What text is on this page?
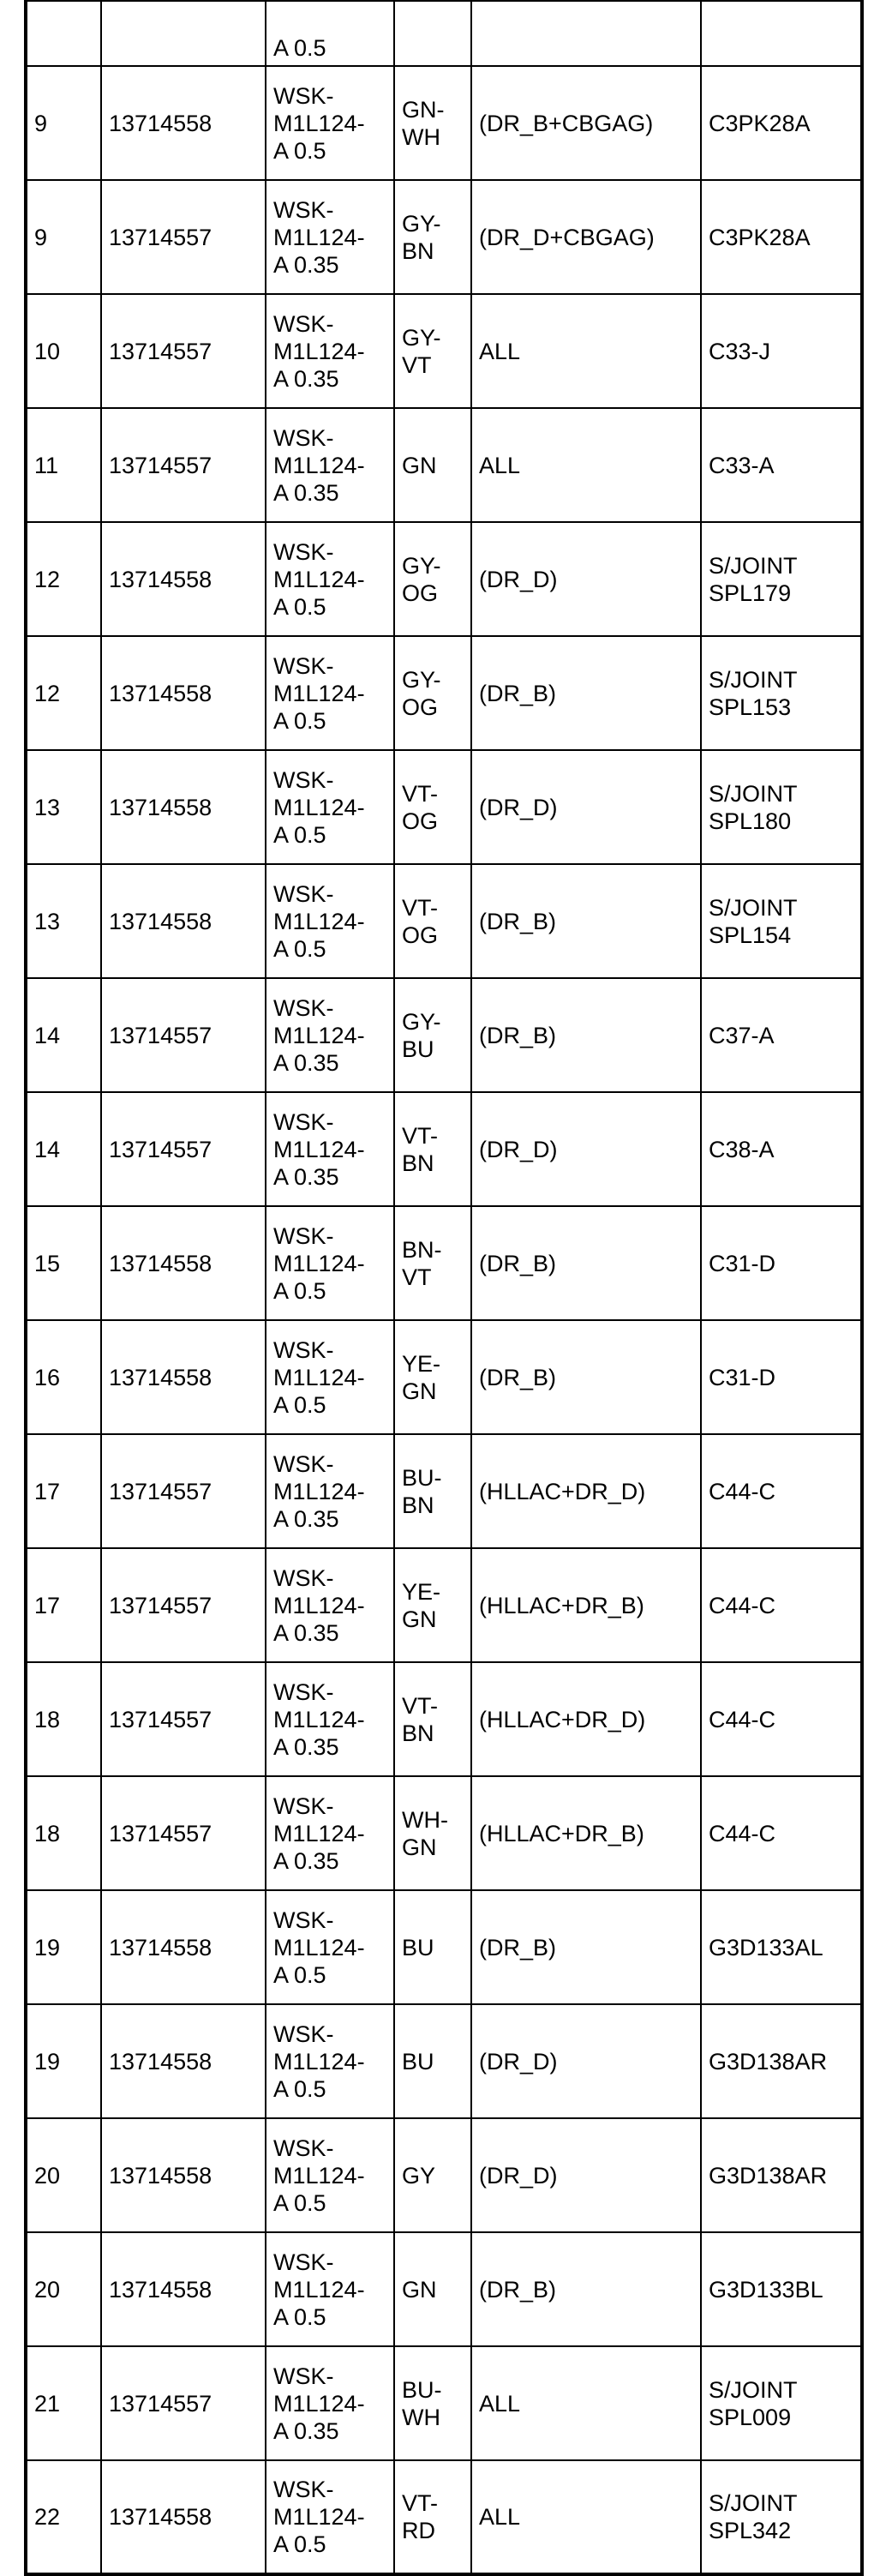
		A 0.5			
9	13714558	WSK-
M1L124-
A 0.5	GN-
WH	(DR_B+CBGAG)	C3PK28A
9	13714557	WSK-
M1L124-
A 0.35	GY-
BN	(DR_D+CBGAG)	C3PK28A
10	13714557	WSK-
M1L124-
A 0.35	GY-
VT	ALL	C33-J
11	13714557	WSK-
M1L124-
A 0.35	GN	ALL	C33-A
12	13714558	WSK-
M1L124-
A 0.5	GY-
OG	(DR_D)	S/JOINT
SPL179
12	13714558	WSK-
M1L124-
A 0.5	GY-
OG	(DR_B)	S/JOINT
SPL153
13	13714558	WSK-
M1L124-
A 0.5	VT-
OG	(DR_D)	S/JOINT
SPL180
13	13714558	WSK-
M1L124-
A 0.5	VT-
OG	(DR_B)	S/JOINT
SPL154
14	13714557	WSK-
M1L124-
A 0.35	GY-
BU	(DR_B)	C37-A
14	13714557	WSK-
M1L124-
A 0.35	VT-
BN	(DR_D)	C38-A
15	13714558	WSK-
M1L124-
A 0.5	BN-
VT	(DR_B)	C31-D
16	13714558	WSK-
M1L124-
A 0.5	YE-
GN	(DR_B)	C31-D
17	13714557	WSK-
M1L124-
A 0.35	BU-
BN	(HLLAC+DR_D)	C44-C
17	13714557	WSK-
M1L124-
A 0.35	YE-
GN	(HLLAC+DR_B)	C44-C
18	13714557	WSK-
M1L124-
A 0.35	VT-
BN	(HLLAC+DR_D)	C44-C
18	13714557	WSK-
M1L124-
A 0.35	WH-
GN	(HLLAC+DR_B)	C44-C
19	13714558	WSK-
M1L124-
A 0.5	BU	(DR_B)	G3D133AL
19	13714558	WSK-
M1L124-
A 0.5	BU	(DR_D)	G3D138AR
20	13714558	WSK-
M1L124-
A 0.5	GY	(DR_D)	G3D138AR
20	13714558	WSK-
M1L124-
A 0.5	GN	(DR_B)	G3D133BL
21	13714557	WSK-
M1L124-
A 0.35	BU-
WH	ALL	S/JOINT
SPL009
22	13714558	WSK-
M1L124-
A 0.5	VT-
RD	ALL	S/JOINT
SPL342
